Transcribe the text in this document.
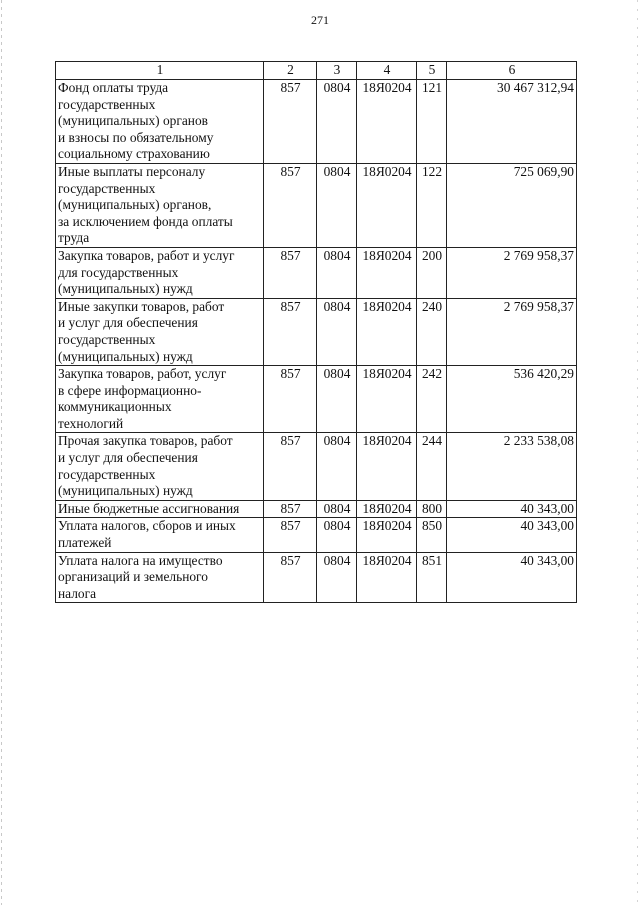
271
1	2	3	4	5	6

Фонд оплаты труда
государственных
(муниципальных) органов
и взносы по обязательному
социальному страхованию	857	0804	18Я0204	121	30 467 312,94

Иные выплаты персоналу
государственных
(муниципальных) органов,
за исключением фонда оплаты
труда	857	0804	18Я0204	122	725 069,90

Закупка товаров, работ и услуг
для государственных
(муниципальных) нужд	857	0804	18Я0204	200	2 769 958,37

Иные закупки товаров, работ
и услуг для обеспечения
государственных
(муниципальных) нужд	857	0804	18Я0204	240	2 769 958,37

Закупка товаров, работ, услуг
в сфере информационно-
коммуникационных
технологий	857	0804	18Я0204	242	536 420,29

Прочая закупка товаров, работ
и услуг для обеспечения
государственных
(муниципальных) нужд	857	0804	18Я0204	244	2 233 538,08

Иные бюджетные ассигнования	857	0804	18Я0204	800	40 343,00

Уплата налогов, сборов и иных
платежей	857	0804	18Я0204	850	40 343,00

Уплата налога на имущество
организаций и земельного
налога	857	0804	18Я0204	851	40 343,00
